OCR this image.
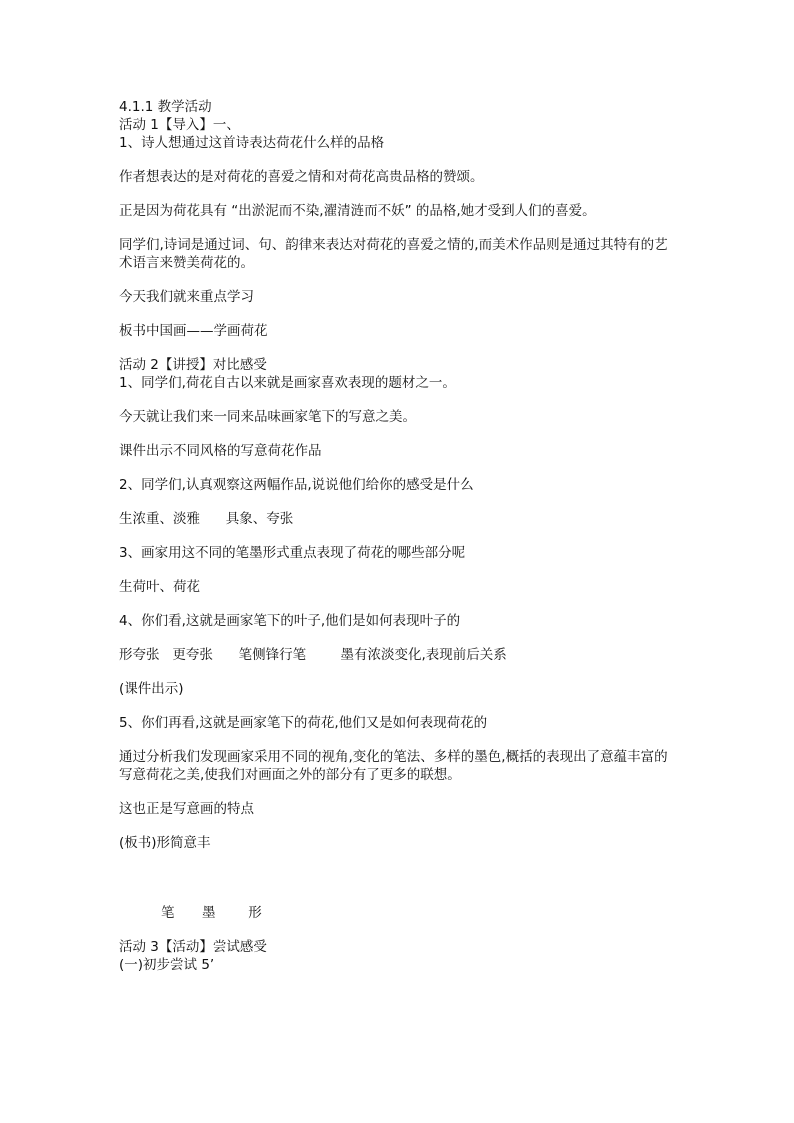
4.1.1 教学活动

活动 1【导入】一、

1、诗人想通过这首诗表达荷花什么样的品格

作者想表达的是对荷花的喜爱之情和对荷花高贵品格的赞颂。

正是因为荷花具有 “出淤泥而不染,濯清涟而不妖” 的品格,她才受到人们的喜爱。

同学们,诗词是通过词、句、韵律来表达对荷花的喜爱之情的,而美术作品则是通过其特有的艺术语言来赞美荷花的。

今天我们就来重点学习

板书中国画——学画荷花

活动 2【讲授】对比感受

1、同学们,荷花自古以来就是画家喜欢表现的题材之一。

今天就让我们来一同来品味画家笔下的写意之美。

课件出示不同风格的写意荷花作品

2、同学们,认真观察这两幅作品,说说他们给你的感受是什么

生浓重、淡雅      具象、夸张

3、画家用这不同的笔墨形式重点表现了荷花的哪些部分呢

生荷叶、荷花

4、你们看,这就是画家笔下的叶子,他们是如何表现叶子的

形夸张   更夸张      笔侧锋行笔        墨有浓淡变化,表现前后关系

(课件出示)

5、你们再看,这就是画家笔下的荷花,他们又是如何表现荷花的

通过分析我们发现画家采用不同的视角,变化的笔法、多样的墨色,概括的表现出了意蕴丰富的写意荷花之美,使我们对画面之外的部分有了更多的联想。

这也正是写意画的特点

(板书)形简意丰

笔     墨      形

活动 3【活动】尝试感受

(一)初步尝试 5’
